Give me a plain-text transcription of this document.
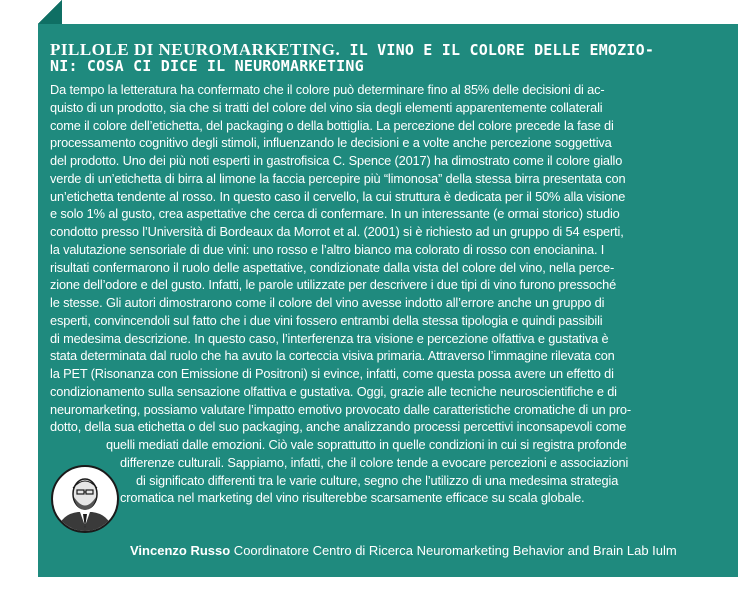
PILLOLE DI NEUROMARKETING. IL VINO E IL COLORE DELLE EMOZIO-
NI: COSA CI DICE IL NEUROMARKETING
Da tempo la letteratura ha confermato che il colore può determinare fino al 85% delle decisioni di ac-
quisto di un prodotto, sia che si tratti del colore del vino sia degli elementi apparentemente collaterali
come il colore dell’etichetta, del packaging o della bottiglia. La percezione del colore precede la fase di
processamento cognitivo degli stimoli, influenzando le decisioni e a volte anche percezione soggettiva
del prodotto. Uno dei più noti esperti in gastrofisica C. Spence (2017) ha dimostrato come il colore giallo
verde di un’etichetta di birra al limone la faccia percepire più “limonosa” della stessa birra presentata con
un’etichetta tendente al rosso. In questo caso il cervello, la cui struttura è dedicata per il 50% alla visione
e solo 1% al gusto, crea aspettative che cerca di confermare. In un interessante (e ormai storico) studio
condotto presso l’Università di Bordeaux da Morrot et al. (2001) si è richiesto ad un gruppo di 54 esperti,
la valutazione sensoriale di due vini: uno rosso e l’altro bianco ma colorato di rosso con enocianina. I
risultati confermarono il ruolo delle aspettative, condizionate dalla vista del colore del vino, nella perce-
zione dell’odore e del gusto. Infatti, le parole utilizzate per descrivere i due tipi di vino furono pressoché
le stesse. Gli autori dimostrarono come il colore del vino avesse indotto all’errore anche un gruppo di
esperti, convincendoli sul fatto che i due vini fossero entrambi della stessa tipologia e quindi passibili
di medesima descrizione. In questo caso, l’interferenza tra visione e percezione olfattiva e gustativa è
stata determinata dal ruolo che ha avuto la corteccia visiva primaria. Attraverso l’immagine rilevata con
la PET (Risonanza con Emissione di Positroni) si evince, infatti, come questa possa avere un effetto di
condizionamento sulla sensazione olfattiva e gustativa. Oggi, grazie alle tecniche neuroscientifiche e di
neuromarketing, possiamo valutare l’impatto emotivo provocato dalle caratteristiche cromatiche di un pro-
dotto, della sua etichetta o del suo packaging, anche analizzando processi percettivi inconsapevoli come
quelli mediati dalle emozioni. Ciò vale soprattutto in quelle condizioni in cui si registra profonde
differenze culturali. Sappiamo, infatti, che il colore tende a evocare percezioni e associazioni
di significato differenti tra le varie culture, segno che l’utilizzo di una medesima strategia
cromatica nel marketing del vino risulterebbe scarsamente efficace su scala globale.
Vincenzo Russo Coordinatore Centro di Ricerca Neuromarketing Behavior and Brain Lab Iulm
